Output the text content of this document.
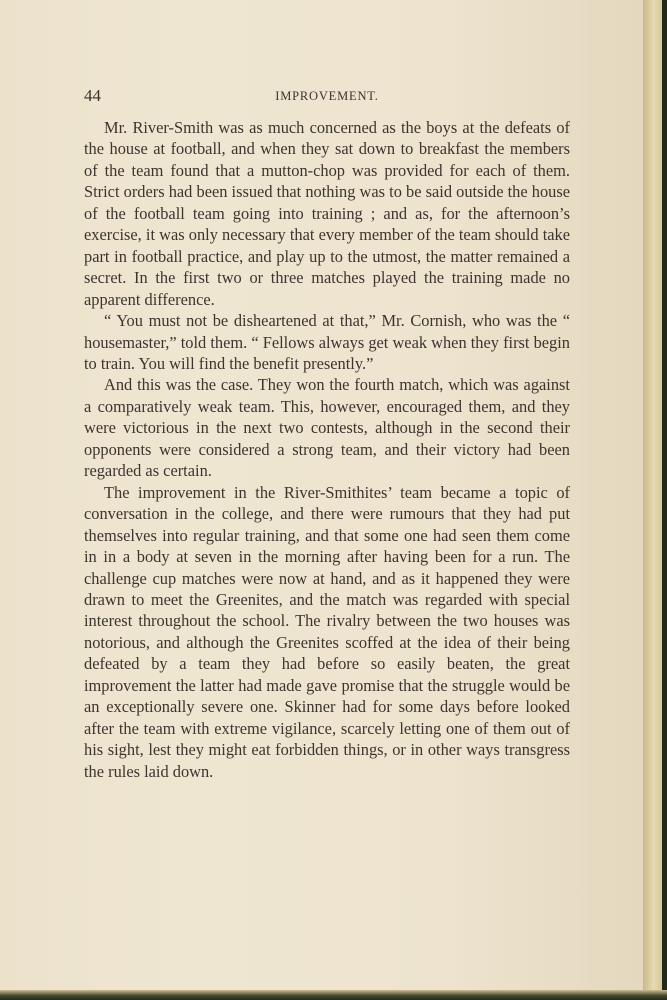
44	IMPROVEMENT.

Mr. River-Smith was as much concerned as the boys at the defeats of the house at football, and when they sat down to breakfast the members of the team found that a mutton-chop was provided for each of them. Strict orders had been issued that nothing was to be said outside the house of the football team going into training ; and as, for the afternoon’s exercise, it was only necessary that every member of the team should take part in football practice, and play up to the utmost, the matter remained a secret. In the first two or three matches played the training made no apparent difference.

“ You must not be disheartened at that,” Mr. Cornish, who was the “ housemaster,” told them. “ Fellows always get weak when they first begin to train. You will find the benefit presently.”

And this was the case. They won the fourth match, which was against a comparatively weak team. This, however, encouraged them, and they were victorious in the next two contests, although in the second their opponents were considered a strong team, and their victory had been regarded as certain.

The improvement in the River-Smithites’ team became a topic of conversation in the college, and there were rumours that they had put themselves into regular training, and that some one had seen them come in in a body at seven in the morning after having been for a run. The challenge cup matches were now at hand, and as it happened they were drawn to meet the Greenites, and the match was regarded with special interest throughout the school. The rivalry between the two houses was notorious, and although the Greenites scoffed at the idea of their being defeated by a team they had before so easily beaten, the great improvement the latter had made gave promise that the struggle would be an exceptionally severe one. Skinner had for some days before looked after the team with extreme vigilance, scarcely letting one of them out of his sight, lest they might eat forbidden things, or in other ways transgress the rules laid down.
